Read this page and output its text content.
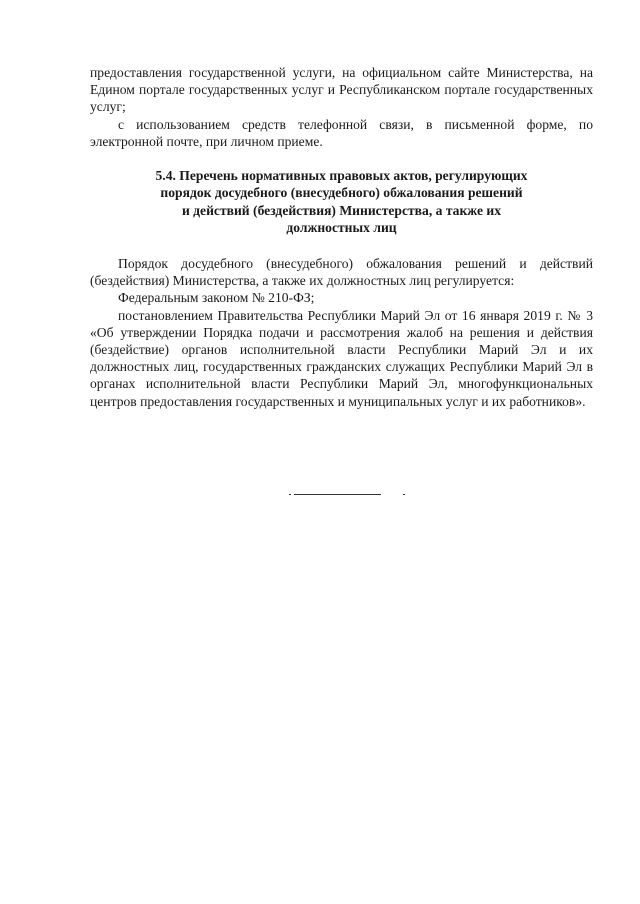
предоставления государственной услуги, на официальном сайте Министерства, на Едином портале государственных услуг и Республиканском портале государственных услуг;

с использованием средств телефонной связи, в письменной форме, по электронной почте, при личном приеме.

5.4. Перечень нормативных правовых актов, регулирующих
порядок досудебного (внесудебного) обжалования решений
и действий (бездействия) Министерства, а также их
должностных лиц

Порядок досудебного (внесудебного) обжалования решений и действий (бездействия) Министерства, а также их должностных лиц регулируется:

Федеральным законом № 210-ФЗ;

постановлением Правительства Республики Марий Эл от 16 января 2019 г. № 3 «Об утверждении Порядка подачи и рассмотрения жалоб на решения и действия (бездействие) органов исполнительной власти Республики Марий Эл и их должностных лиц, государственных гражданских служащих Республики Марий Эл в органах исполнительной власти Республики Марий Эл, многофункциональных центров предоставления государственных и муниципальных услуг и их работников».
